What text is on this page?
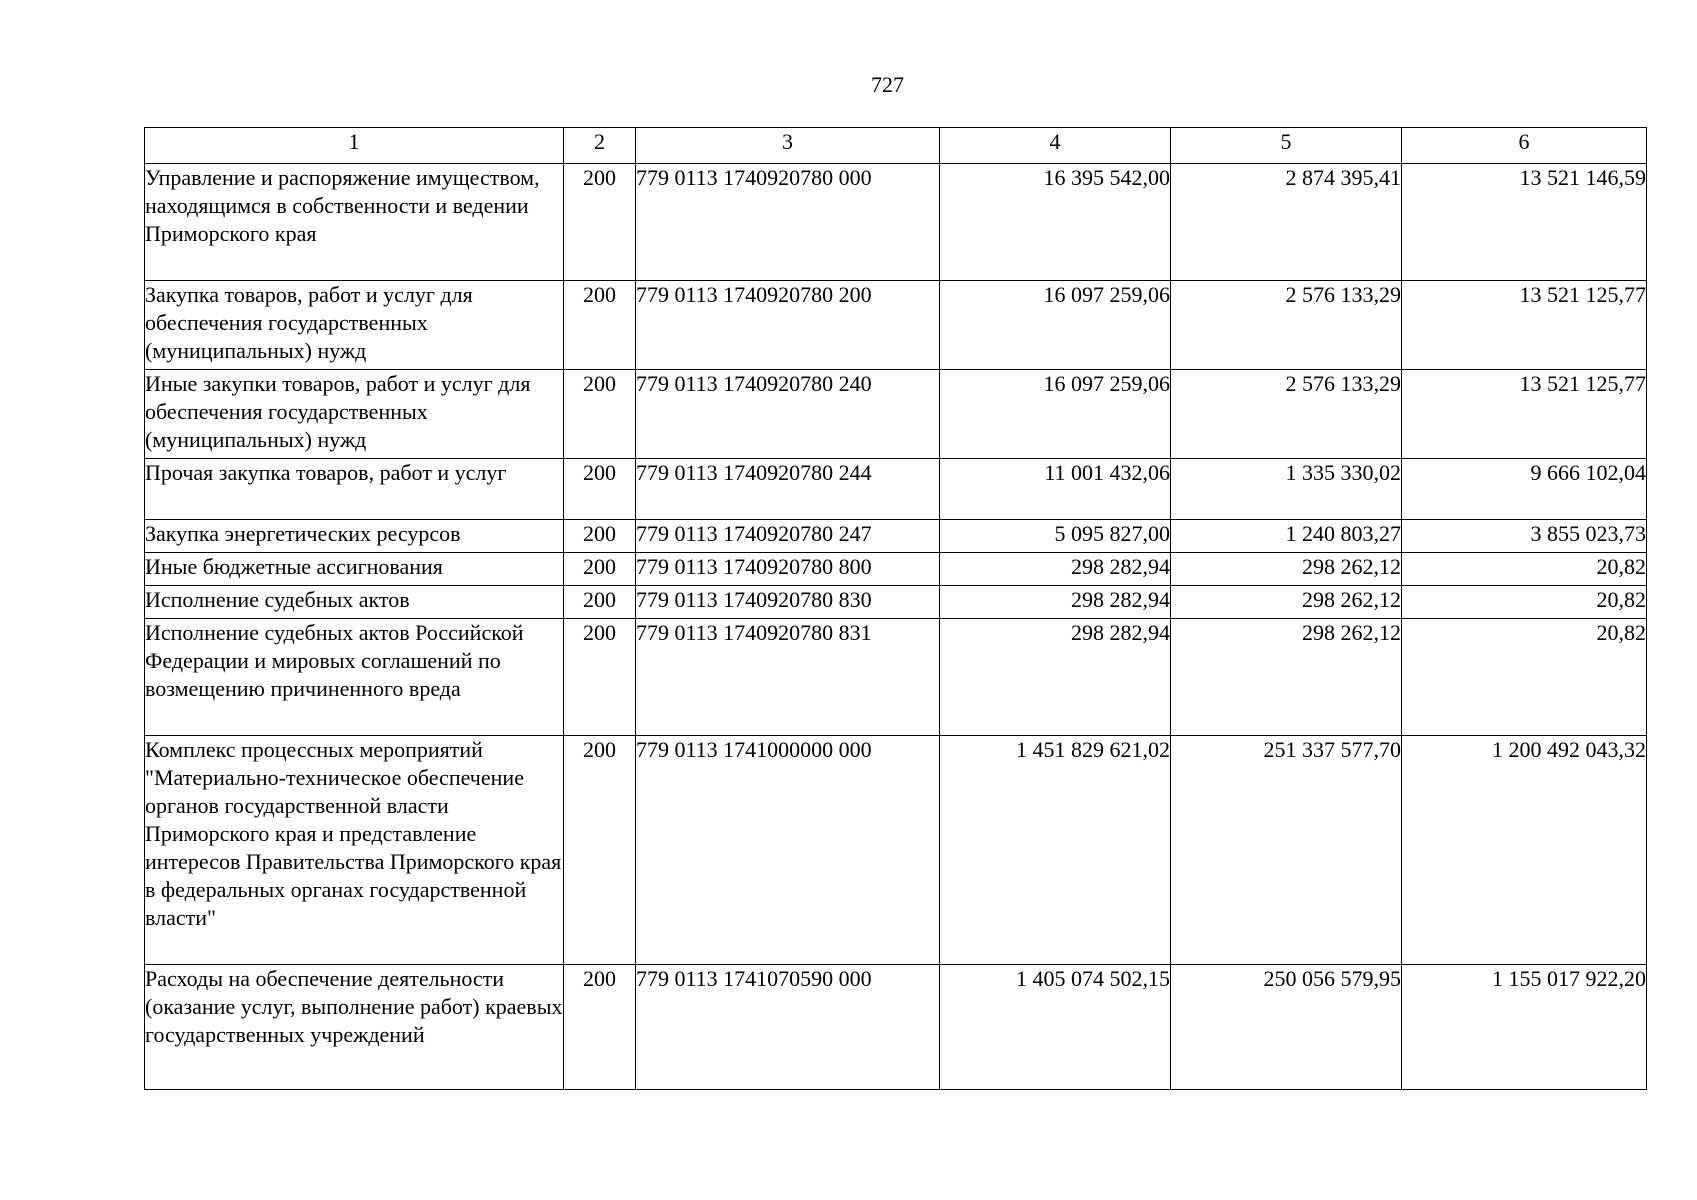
727
1	2	3	4	5	6
Управление и распоряжение имуществом, находящимся в собственности и ведении Приморского края	200	779 0113 1740920780 000	16 395 542,00	2 874 395,41	13 521 146,59
Закупка товаров, работ и услуг для обеспечения государственных (муниципальных) нужд	200	779 0113 1740920780 200	16 097 259,06	2 576 133,29	13 521 125,77
Иные закупки товаров, работ и услуг для обеспечения государственных (муниципальных) нужд	200	779 0113 1740920780 240	16 097 259,06	2 576 133,29	13 521 125,77
Прочая закупка товаров, работ и услуг	200	779 0113 1740920780 244	11 001 432,06	1 335 330,02	9 666 102,04
Закупка энергетических ресурсов	200	779 0113 1740920780 247	5 095 827,00	1 240 803,27	3 855 023,73
Иные бюджетные ассигнования	200	779 0113 1740920780 800	298 282,94	298 262,12	20,82
Исполнение судебных актов	200	779 0113 1740920780 830	298 282,94	298 262,12	20,82
Исполнение судебных актов Российской Федерации и мировых соглашений по возмещению причиненного вреда	200	779 0113 1740920780 831	298 282,94	298 262,12	20,82
Комплекс процессных мероприятий "Материально-техническое обеспечение органов государственной власти Приморского края и представление интересов Правительства Приморского края в федеральных органах государственной власти"	200	779 0113 1741000000 000	1 451 829 621,02	251 337 577,70	1 200 492 043,32
Расходы на обеспечение деятельности (оказание услуг, выполнение работ) краевых государственных учреждений	200	779 0113 1741070590 000	1 405 074 502,15	250 056 579,95	1 155 017 922,20
